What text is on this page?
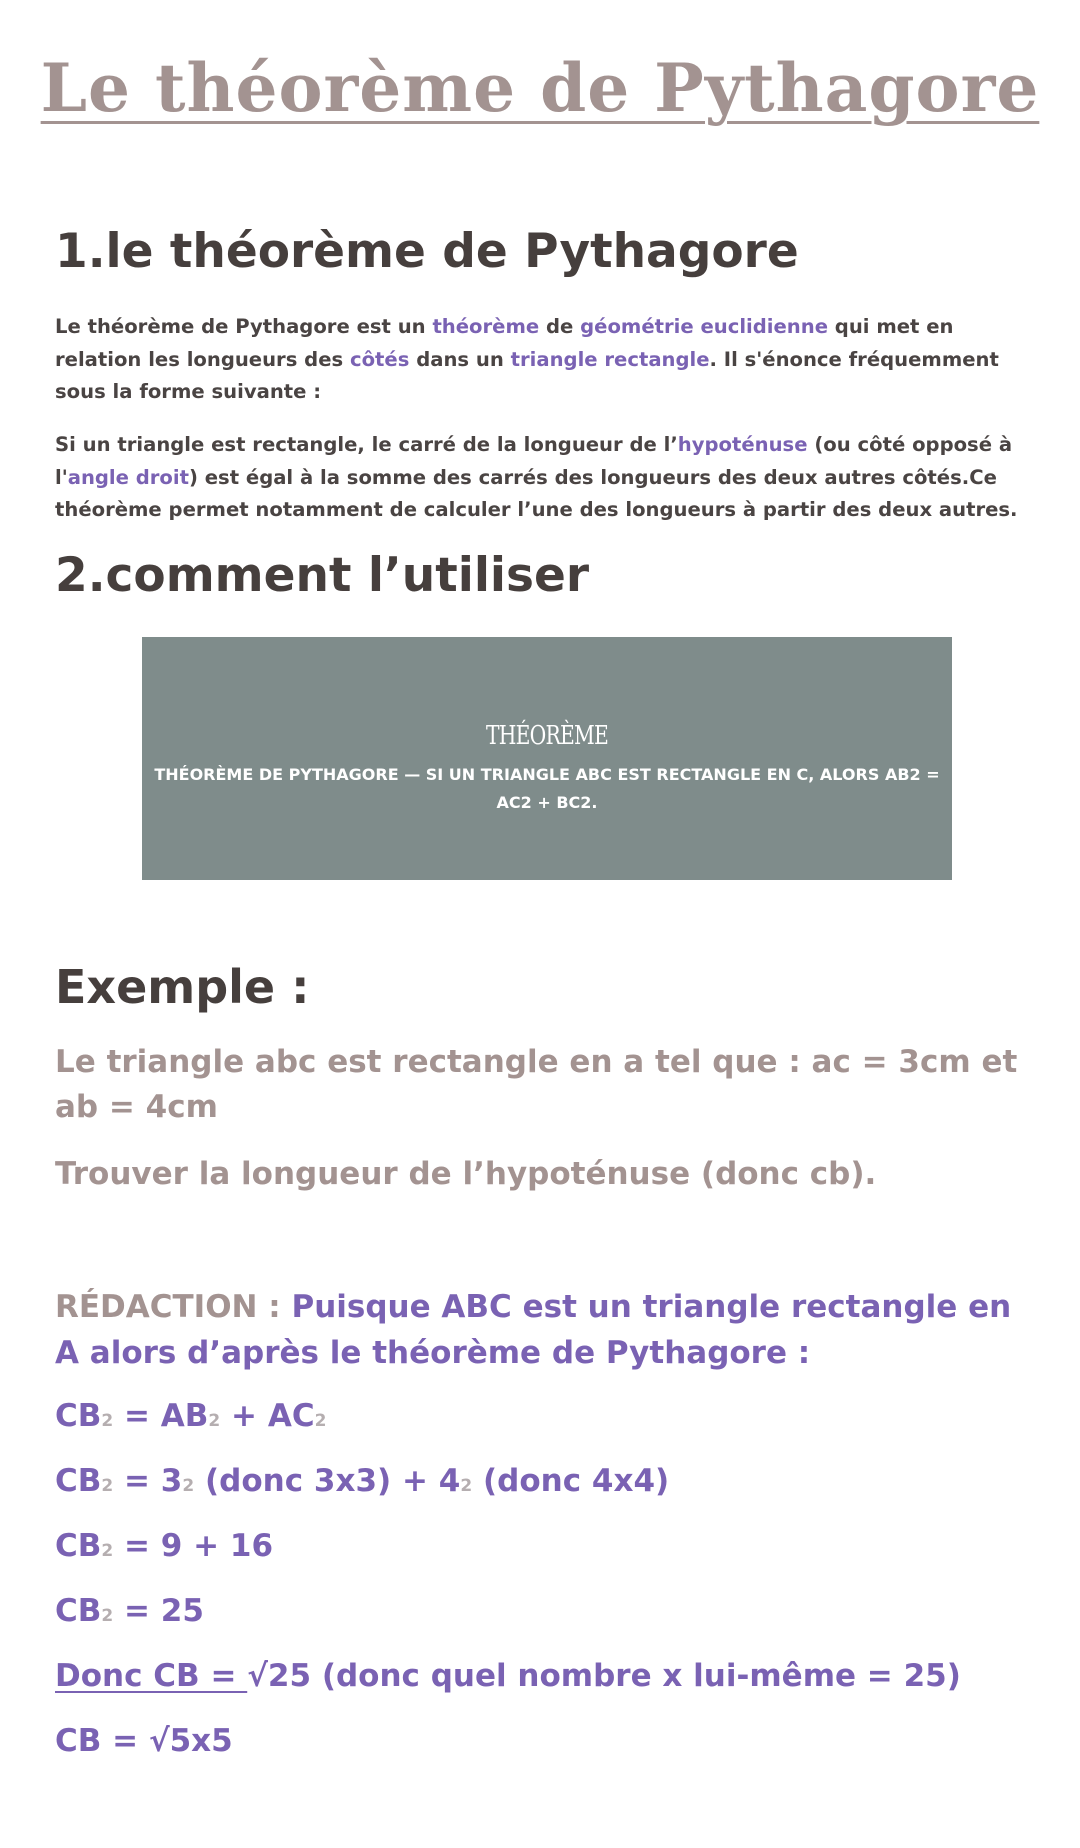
Le théorème de Pythagore
1.le théorème de Pythagore

Le théorème de Pythagore est un théorème de géométrie euclidienne qui met en relation les longueurs des côtés dans un triangle rectangle. Il s'énonce fréquemment sous la forme suivante :

Si un triangle est rectangle, le carré de la longueur de l’hypoténuse (ou côté opposé à l'angle droit) est égal à la somme des carrés des longueurs des deux autres côtés.Ce théorème permet notamment de calculer l’une des longueurs à partir des deux autres.

2.comment l’utiliser
THÉORÈME
THÉORÈME DE PYTHAGORE — SI UN TRIANGLE ABC EST RECTANGLE EN C, ALORS AB2 = AC2 + BC2.
Exemple :

Le triangle abc est rectangle en a tel que : ac = 3cm et ab = 4cm

Trouver la longueur de l’hypoténuse (donc cb).

RÉDACTION : Puisque ABC est un triangle rectangle en A alors d’après le théorème de Pythagore :

CB2 = AB2 + AC2

CB2 = 32 (donc 3x3) + 42 (donc 4x4)

CB2 = 9 + 16

CB2 = 25

Donc CB = √25 (donc quel nombre x lui-même = 25)

CB = √5x5
